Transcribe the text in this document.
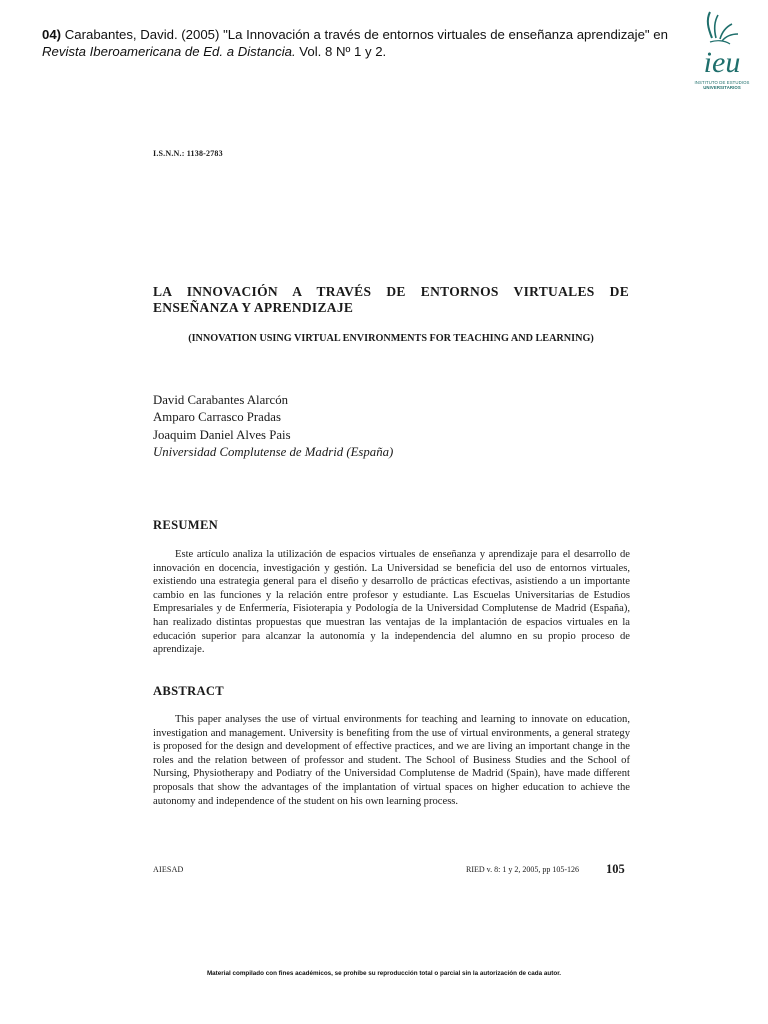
04) Carabantes, David. (2005) "La Innovación a través de entornos virtuales de enseñanza aprendizaje" en
Revista Iberoamericana de Ed. a Distancia. Vol. 8 Nº 1 y 2.	ieu
INSTITUTO DE ESTUDIOS
UNIVERSITARIOS
I.S.N.N.: 1138-2783
LA INNOVACIÓN A TRAVÉS DE ENTORNOS VIRTUALES DE ENSEÑANZA Y APRENDIZAJE
(INNOVATION USING VIRTUAL ENVIRONMENTS FOR TEACHING AND LEARNING)
David Carabantes Alarcón
Amparo Carrasco Pradas
Joaquim Daniel Alves Pais
Universidad Complutense de Madrid (España)
RESUMEN
Este artículo analiza la utilización de espacios virtuales de enseñanza y aprendizaje para el desarrollo de innovación en docencia, investigación y gestión. La Universidad se beneficia del uso de entornos virtuales, existiendo una estrategia general para el diseño y desarrollo de prácticas efectivas, asistiendo a un importante cambio en las funciones y la relación entre profesor y estudiante. Las Escuelas Universitarias de Estudios Empresariales y de Enfermería, Fisioterapia y Podología de la Universidad Complutense de Madrid (España), han realizado distintas propuestas que muestran las ventajas de la implantación de espacios virtuales en la educación superior para alcanzar la autonomía y la independencia del alumno en su propio proceso de aprendizaje.
ABSTRACT
This paper analyses the use of virtual environments for teaching and learning to innovate on education, investigation and management. University is benefiting from the use of virtual environments, a general strategy is proposed for the design and development of effective practices, and we are living an important change in the roles and the relation between of professor and student. The School of Business Studies and the School of Nursing, Physiotherapy and Podiatry of the Universidad Complutense de Madrid (Spain), have made different proposals that show the advantages of the implantation of virtual spaces on higher education to achieve the autonomy and independence of the student on his own learning process.
AIESAD	RIED v. 8: 1 y 2, 2005, pp 105-126 105
Material compilado con fines académicos, se prohíbe su reproducción total o parcial sin la autorización de cada autor.
